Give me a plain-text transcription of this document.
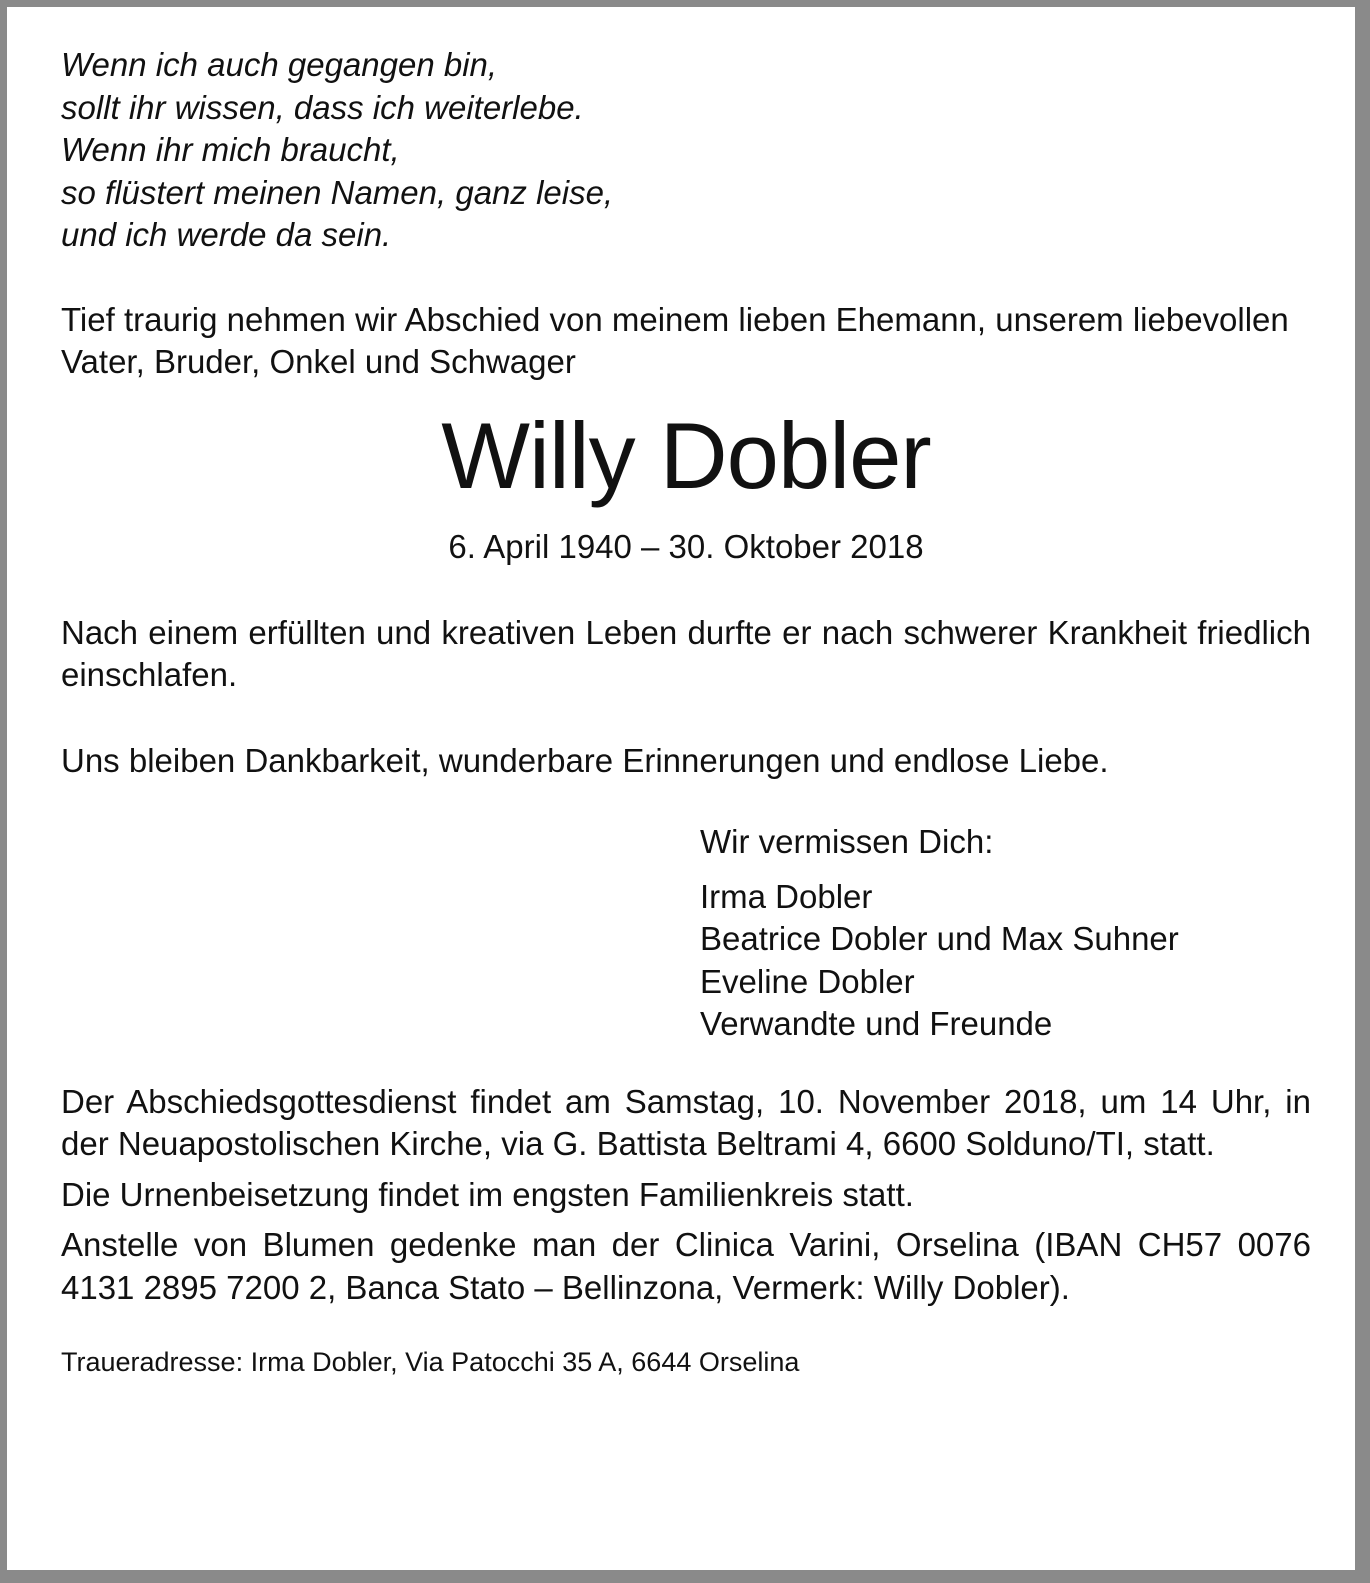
Wenn ich auch gegangen bin,
sollt ihr wissen, dass ich weiterlebe.
Wenn ihr mich braucht,
so flüstert meinen Namen, ganz leise,
und ich werde da sein.

Tief traurig nehmen wir Abschied von meinem lieben Ehemann, unserem liebevollen Vater, Bruder, Onkel und Schwager

Willy Dobler
6. April 1940 – 30. Oktober 2018

Nach einem erfüllten und kreativen Leben durfte er nach schwerer Krankheit friedlich einschlafen.

Uns bleiben Dankbarkeit, wunderbare Erinnerungen und endlose Liebe.

Wir vermissen Dich:
Irma Dobler
Beatrice Dobler und Max Suhner
Eveline Dobler
Verwandte und Freunde

Der Abschiedsgottesdienst findet am Samstag, 10. November 2018, um 14 Uhr, in der Neuapostolischen Kirche, via G. Battista Beltrami 4, 6600 Solduno/TI, statt.

Die Urnenbeisetzung findet im engsten Familienkreis statt.

Anstelle von Blumen gedenke man der Clinica Varini, Orselina (IBAN CH57 0076 4131 2895 7200 2, Banca Stato – Bellinzona, Vermerk: Willy Dobler).

Traueradresse: Irma Dobler, Via Patocchi 35 A, 6644 Orselina
